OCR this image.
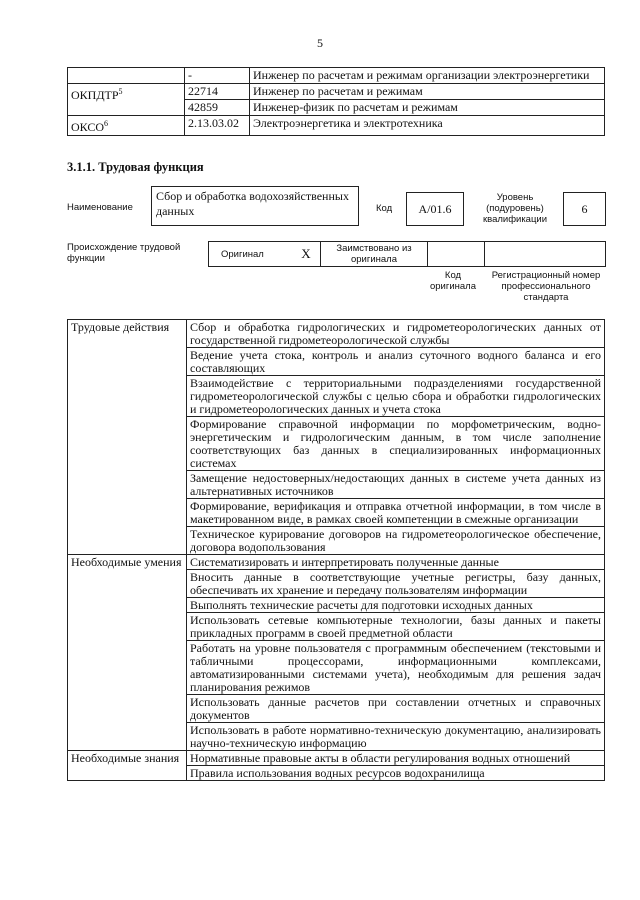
5
	-	Инженер по расчетам и режимам организации электроэнергетики
ОКПДТР$^5$	22714	Инженер по расчетам и режимам
	42859	Инженер-физик по расчетам и режимам
ОКСО$^6$	2.13.03.02	Электроэнергетика и электротехника
3.1.1. Трудовая функция
Наименование
Сбор и обработка водохозяйственных данных	Код	A/01.6
Уровень (подуровень) квалификации
6
Происхождение трудовой функции	Оригинал	X	Заимствовано из оригинала		
Код оригинала
Регистрационный номер профессионального стандарта
Трудовые действия	Сбор и обработка гидрологических и гидрометеорологических данных от государственной гидрометеорологической службы
	Ведение учета стока, контроль и анализ суточного водного баланса и его составляющих
	Взаимодействие с территориальными подразделениями государственной гидрометеорологической службы с целью сбора и обработки гидрологических и гидрометеорологических данных и учета стока
	Формирование справочной информации по морфометрическим, водно-энергетическим и гидрологическим данным, в том числе заполнение соответствующих баз данных в специализированных информационных системах
	Замещение недостоверных/недостающих данных в системе учета данных из альтернативных источников
	Формирование, верификация и отправка отчетной информации, в том числе в макетированном виде, в рамках своей компетенции в смежные организации
	Техническое курирование договоров на гидрометеорологическое обеспечение, договора водопользования
Необходимые умения	Систематизировать и интерпретировать полученные данные
	Вносить данные в соответствующие учетные регистры, базу данных, обеспечивать их хранение и передачу пользователям информации
	Выполнять технические расчеты для подготовки исходных данных
	Использовать сетевые компьютерные технологии, базы данных и пакеты прикладных программ в своей предметной области
	Работать на уровне пользователя с программным обеспечением (текстовыми и табличными процессорами, информационными комплексами, автоматизированными системами учета), необходимым для решения задач планирования режимов
	Использовать данные расчетов при составлении отчетных и справочных документов
	Использовать в работе нормативно-техническую документацию, анализировать научно-техническую информацию
Необходимые знания	Нормативные правовые акты в области регулирования водных отношений
	Правила использования водных ресурсов водохранилища
